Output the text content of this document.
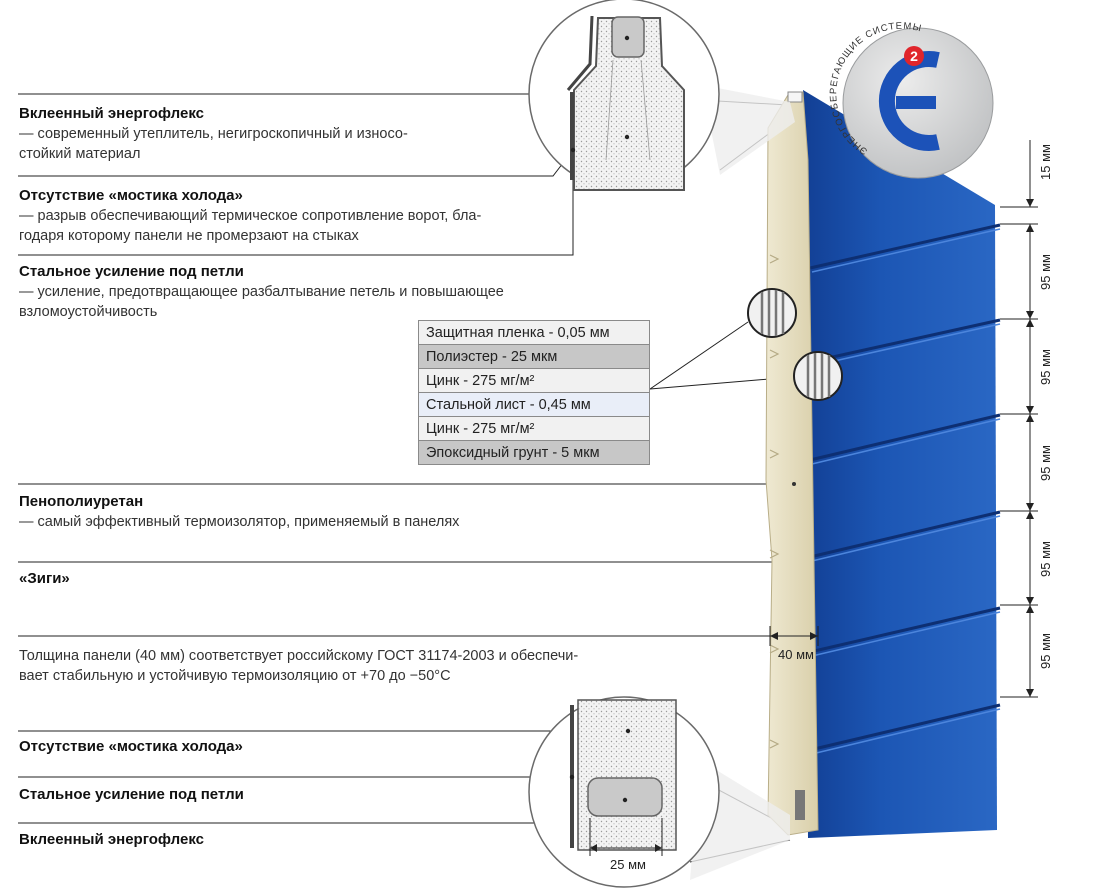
25 мм
15 мм
95 мм
95 мм
95 мм
95 мм
95 мм
40 мм
2
ЭНЕРГОСБЕРЕГАЮЩИЕ СИСТЕМЫ
Вклеенный энергофлекс
— современный утеплитель, негигроскопичный и износо-
стойкий материал
Отсутствие «мостика холода»
— разрыв обеспечивающий термическое сопротивление ворот, бла-
годаря которому панели не промерзают на стыках
Стальное усиление под петли
— усиление, предотвращающее разбалтывание петель и повышающее
взломоустойчивость
Пенополиуретан
— самый эффективный термоизолятор, применяемый в панелях
«Зиги»
Толщина панели (40 мм) соответствует российскому ГОСТ 31174-2003 и обеспечи-
вает стабильную и устойчивую термоизоляцию от +70 до −50°С
Отсутствие «мостика холода»
Стальное усиление под петли
Вклеенный энергофлекс
Защитная пленка - 0,05 мм
Полиэстер - 25 мкм
Цинк - 275 мг/м²
Стальной лист - 0,45 мм
Цинк - 275 мг/м²
Эпоксидный грунт - 5 мкм
